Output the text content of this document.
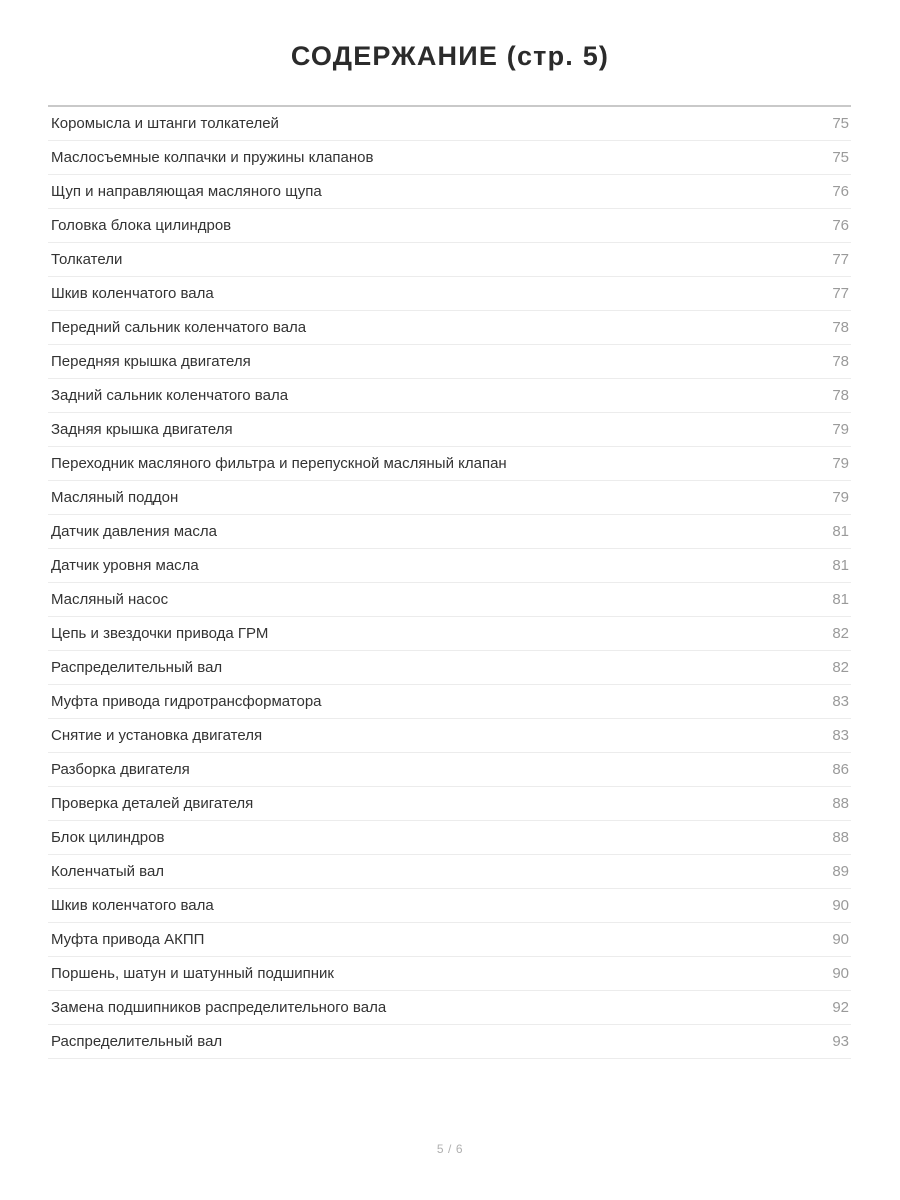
СОДЕРЖАНИЕ (стр. 5)
Коромысла и штанги толкателей	75
Маслосъемные колпачки и пружины клапанов	75
Щуп и направляющая масляного щупа	76
Головка блока цилиндров	76
Толкатели	77
Шкив коленчатого вала	77
Передний сальник коленчатого вала	78
Передняя крышка двигателя	78
Задний сальник коленчатого вала	78
Задняя крышка двигателя	79
Переходник масляного фильтра и перепускной масляный клапан	79
Масляный поддон	79
Датчик давления масла	81
Датчик уровня масла	81
Масляный насос	81
Цепь и звездочки привода ГРМ	82
Распределительный вал	82
Муфта привода гидротрансформатора	83
Снятие и установка двигателя	83
Разборка двигателя	86
Проверка деталей двигателя	88
Блок цилиндров	88
Коленчатый вал	89
Шкив коленчатого вала	90
Муфта привода АКПП	90
Поршень, шатун и шатунный подшипник	90
Замена подшипников распределительного вала	92
Распределительный вал	93
5 / 6
